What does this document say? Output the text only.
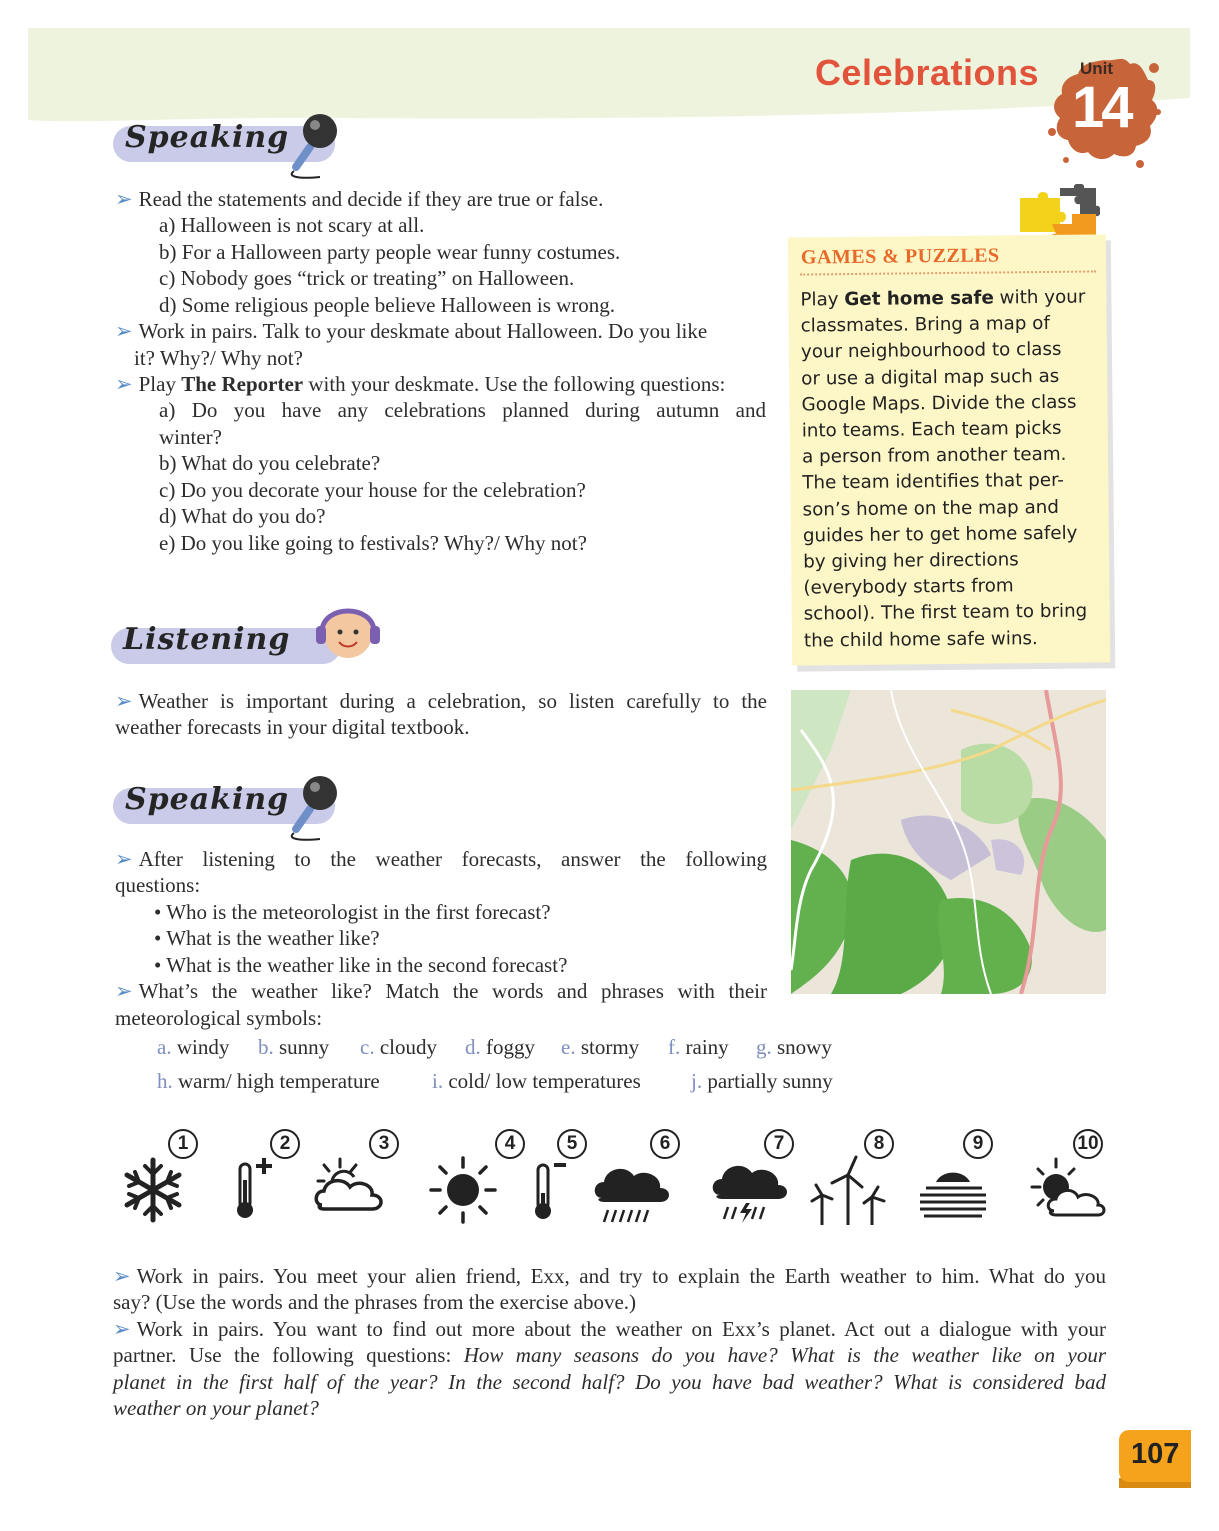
Celebrations Unit
14
Speaking
➢ Read the statements and decide if they are true or false.
a) Halloween is not scary at all.
b) For a Halloween party people wear funny costumes.
c) Nobody goes “trick or treating” on Halloween.
d) Some religious people believe Halloween is wrong.
➢ Work in pairs. Talk to your deskmate about Halloween. Do you like
it? Why?/ Why not?
➢ Play The Reporter with your deskmate. Use the following questions:
a) Do you have any celebrations planned during autumn and
winter?
b) What do you celebrate?
c) Do you decorate your house for the celebration?
d) What do you do?
e) Do you like going to festivals? Why?/ Why not?
GAMES & PUZZLES
Play Get home safe with your
classmates. Bring a map of
your neighbourhood to class
or use a digital map such as
Google Maps. Divide the class
into teams. Each team picks
a person from another team.
The team identifies that per-
son’s home on the map and
guides her to get home safely
by giving her directions
(everybody starts from
school). The first team to bring
the child home safe wins.
Listening
➢ Weather is important during a celebration, so listen carefully to the
weather forecasts in your digital textbook.
Speaking
➢ After listening to the weather forecasts, answer the following
questions:
• Who is the meteorologist in the first forecast?
• What is the weather like?
• What is the weather like in the second forecast?
➢ What’s the weather like? Match the words and phrases with their
meteorological symbols:
a. windy b. sunny c. cloudy d. foggy e. stormy f. rainy g. snowy
h. warm/ high temperature i. cold/ low temperatures j. partially sunny
1	2	3	4	5	6	7	8	9	10
➢ Work in pairs. You meet your alien friend, Exx, and try to explain the Earth weather to him. What do you
say? (Use the words and the phrases from the exercise above.)
➢ Work in pairs. You want to find out more about the weather on Exx’s planet. Act out a dialogue with your
partner. Use the following questions: How many seasons do you have? What is the weather like on your
planet in the first half of the year? In the second half? Do you have bad weather? What is considered bad
weather on your planet?
107
